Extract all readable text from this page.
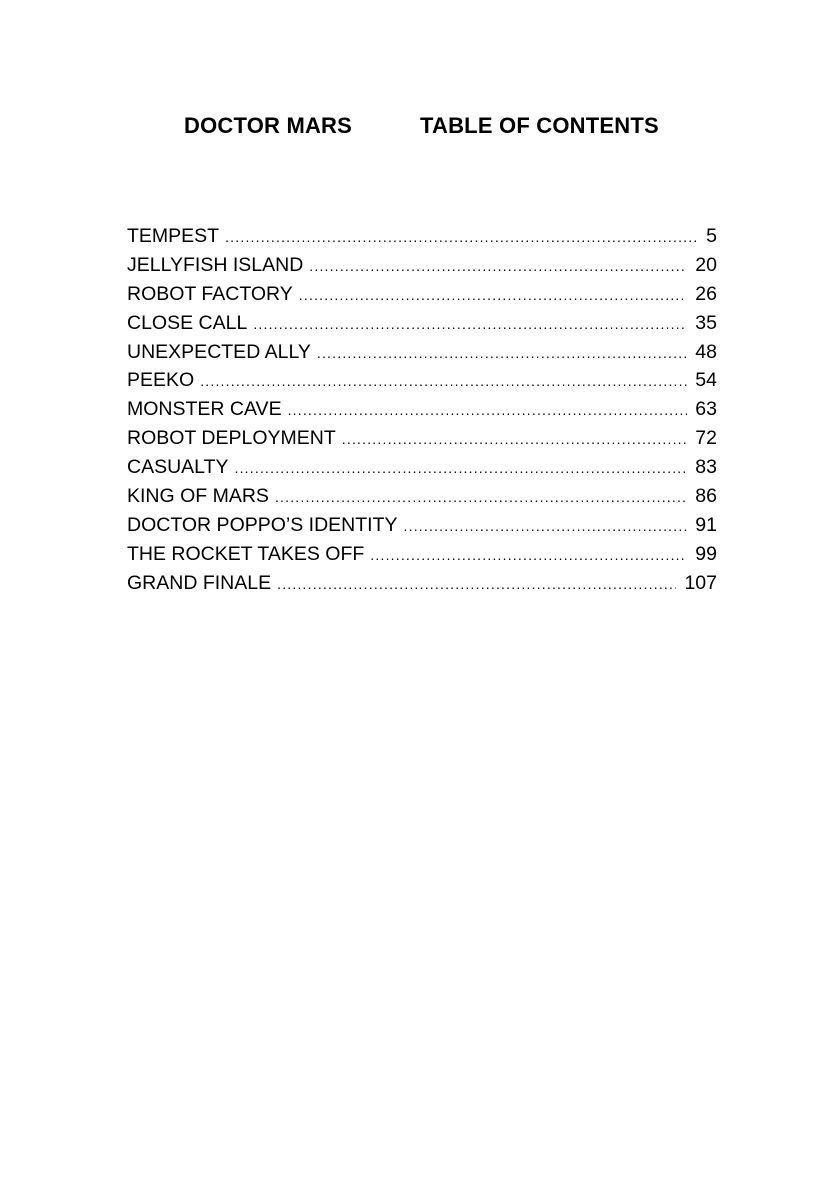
DOCTOR MARS	TABLE OF CONTENTS
TEMPEST .....	5
JELLYFISH ISLAND .....	20
ROBOT FACTORY .....	26
CLOSE CALL .....	35
UNEXPECTED ALLY .....	48
PEEKO .....	54
MONSTER CAVE .....	63
ROBOT DEPLOYMENT .....	72
CASUALTY .....	83
KING OF MARS .....	86
DOCTOR POPPO’S IDENTITY .....	91
THE ROCKET TAKES OFF .....	99
GRAND FINALE .....	107
